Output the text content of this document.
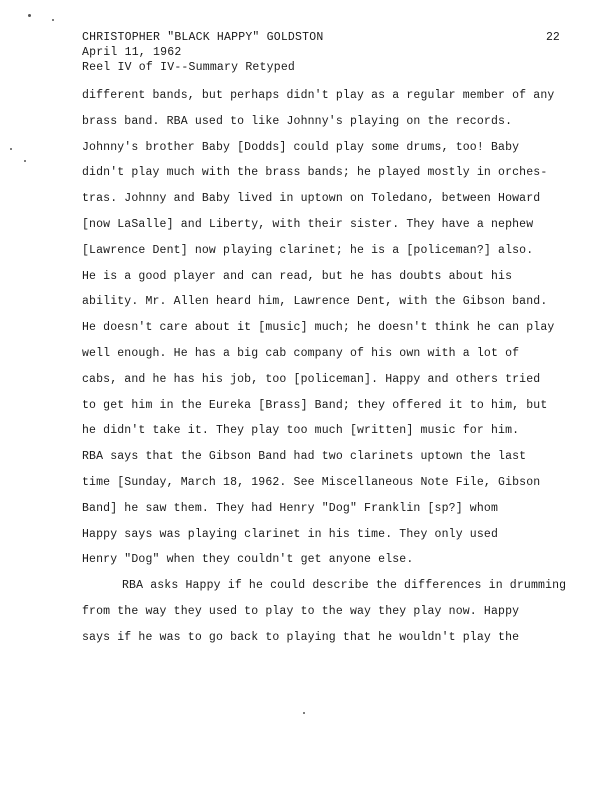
CHRISTOPHER "BLACK HAPPY" GOLDSTON
April 11, 1962
Reel IV of IV--Summary Retyped
22
different bands, but perhaps didn't play as a regular member of any
brass band. RBA used to like Johnny's playing on the records.
Johnny's brother Baby [Dodds] could play some drums, too! Baby
didn't play much with the brass bands; he played mostly in orches-
tras. Johnny and Baby lived in uptown on Toledano, between Howard
[now LaSalle] and Liberty, with their sister. They have a nephew
[Lawrence Dent] now playing clarinet; he is a [policeman?] also.
He is a good player and can read, but he has doubts about his
ability. Mr. Allen heard him, Lawrence Dent, with the Gibson band.
He doesn't care about it [music] much; he doesn't think he can play
well enough. He has a big cab company of his own with a lot of
cabs, and he has his job, too [policeman]. Happy and others tried
to get him in the Eureka [Brass] Band; they offered it to him, but
he didn't take it. They play too much [written] music for him.
RBA says that the Gibson Band had two clarinets uptown the last
time [Sunday, March 18, 1962. See Miscellaneous Note File, Gibson
Band] he saw them. They had Henry "Dog" Franklin [sp?] whom
Happy says was playing clarinet in his time. They only used
Henry "Dog" when they couldn't get anyone else.
RBA asks Happy if he could describe the differences in drumming
from the way they used to play to the way they play now. Happy
says if he was to go back to playing that he wouldn't play the
